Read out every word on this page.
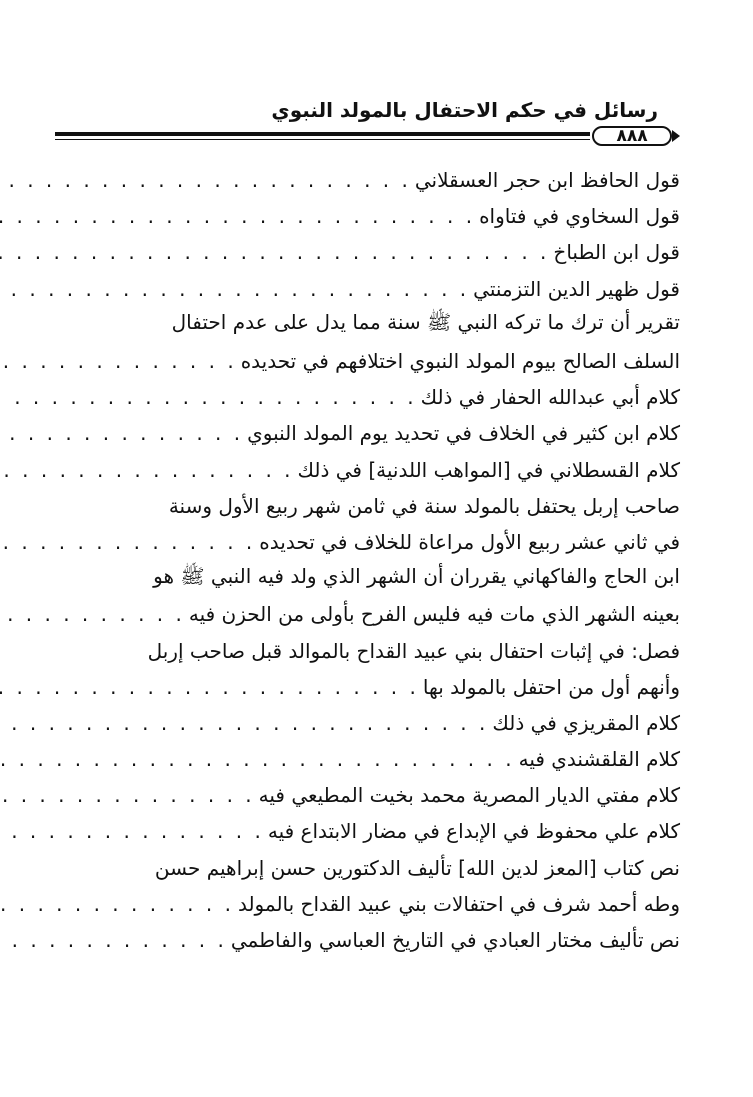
رسائل في حكم الاحتفال بالمولد النبوي
٨٨٨
قول الحافظ ابن حجر العسقلاني
. . .
قول السخاوي في فتاواه
. . .
قول ابن الطباخ
. . .
قول ظهير الدين التزمنتي
. . .
تقرير أن ترك ما تركه النبي ﷺ سنة مما يدل على عدم احتفال
السلف الصالح بيوم المولد النبوي اختلافهم في تحديده
. . .
كلام أبي عبدالله الحفار في ذلك
. . .
كلام ابن كثير في الخلاف في تحديد يوم المولد النبوي
. . .
كلام القسطلاني في [المواهب اللدنية] في ذلك
. . .
صاحب إربل يحتفل بالمولد سنة في ثامن شهر ربيع الأول وسنة
في ثاني عشر ربيع الأول مراعاة للخلاف في تحديده
. . .
ابن الحاج والفاكهاني يقرران أن الشهر الذي ولد فيه النبي ﷺ هو
بعينه الشهر الذي مات فيه فليس الفرح بأولى من الحزن فيه
. . .
فصل: في إثبات احتفال بني عبيد القداح بالموالد قبل صاحب إربل
وأنهم أول من احتفل بالمولد بها
. . .
كلام المقريزي في ذلك
. . .
كلام القلقشندي فيه
. . .
كلام مفتي الديار المصرية محمد بخيت المطيعي فيه
. . .
كلام علي محفوظ في الإبداع في مضار الابتداع فيه
. . .
نص كتاب [المعز لدين الله] تأليف الدكتورين حسن إبراهيم حسن
وطه أحمد شرف في احتفالات بني عبيد القداح بالمولد
. . .
نص تأليف مختار العبادي في التاريخ العباسي والفاطمي
. . .
